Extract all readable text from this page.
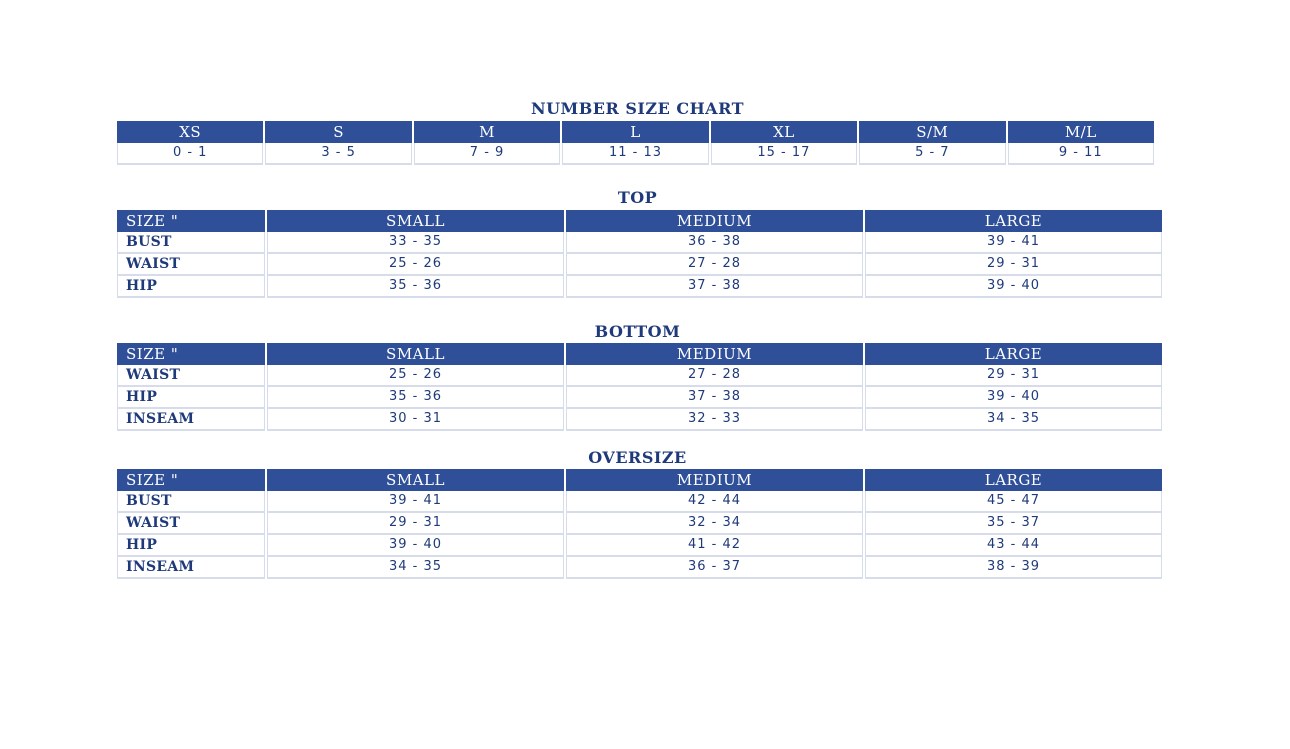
NUMBER SIZE CHART
XS	S	M	L	XL	S/M	M/L
0 - 1	3 - 5	7 - 9	11 - 13	15 - 17	5 - 7	9 - 11
TOP
SIZE "	SMALL	MEDIUM	LARGE
BUST	33 - 35	36 - 38	39 - 41
WAIST	25 - 26	27 - 28	29 - 31
HIP	35 - 36	37 - 38	39 - 40
BOTTOM
SIZE "	SMALL	MEDIUM	LARGE
WAIST	25 - 26	27 - 28	29 - 31
HIP	35 - 36	37 - 38	39 - 40
INSEAM	30 - 31	32 - 33	34 - 35
OVERSIZE
SIZE "	SMALL	MEDIUM	LARGE
BUST	39 - 41	42 - 44	45 - 47
WAIST	29 - 31	32 - 34	35 - 37
HIP	39 - 40	41 - 42	43 - 44
INSEAM	34 - 35	36 - 37	38 - 39
